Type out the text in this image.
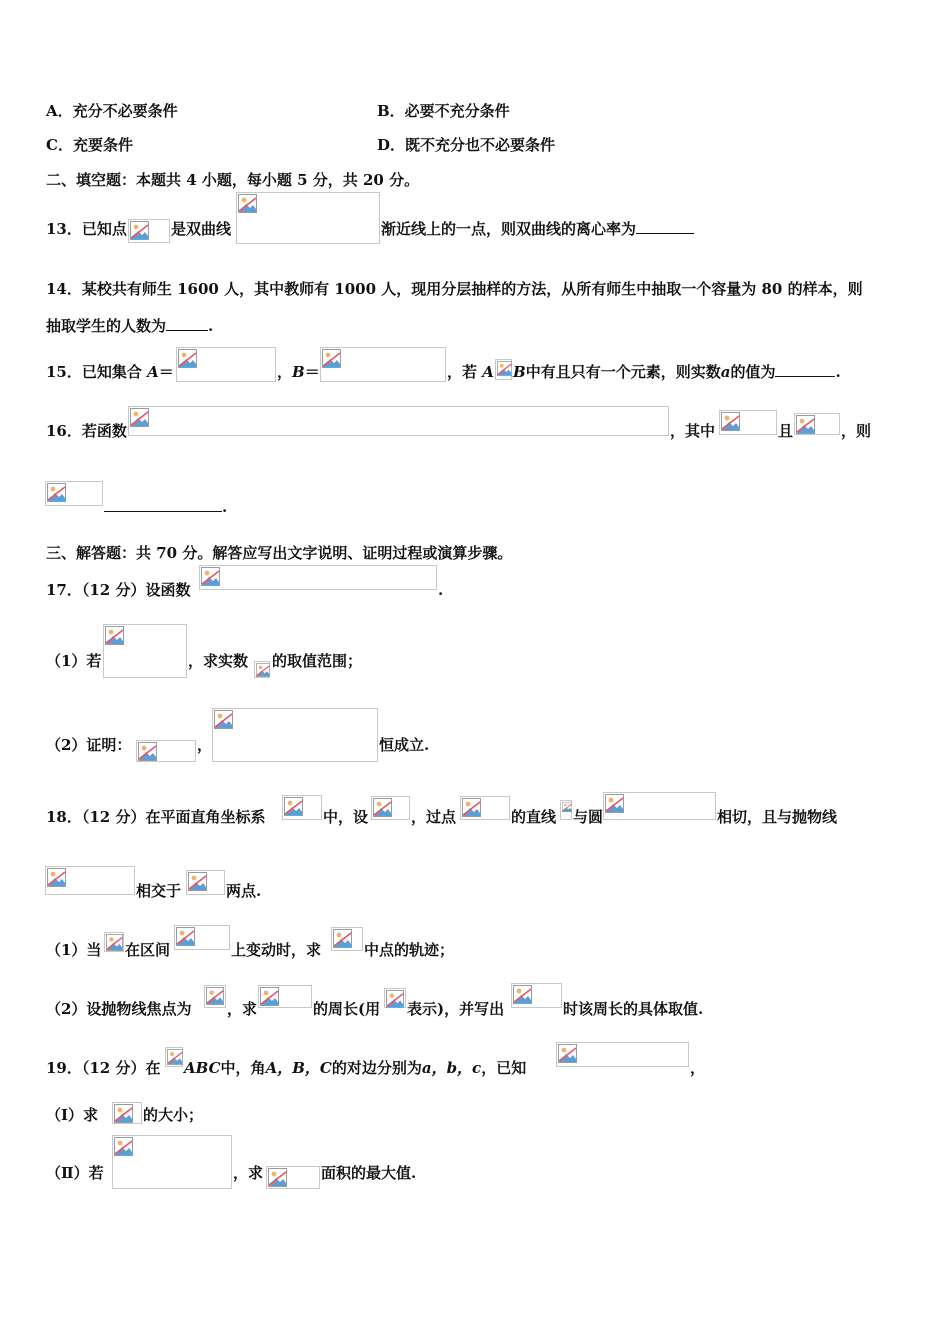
A．充分不必要条件	B．必要不充分条件
C．充要条件	D．既不充分也不必要条件
二、填空题：本题共 4 小题，每小题 5 分，共 20 分。
13．已知点	是双曲线	渐近线上的一点，则双曲线的离心率为
14．某校共有师生 1600 人，其中教师有 1000 人，现用分层抽样的方法，从所有师生中抽取一个容量为 80 的样本，则
抽取学生的人数为	.
15．已知集合 A＝	，B＝	，若 A B中有且只有一个元素，则实数a的值为	.
16．若函数	，其中	且	，则
.
三、解答题：共 70 分。解答应写出文字说明、证明过程或演算步骤。
17．（12 分）设函数	.
（1）若	，求实数 的取值范围；
（2）证明：	，	恒成立.
18．（12 分）在平面直角坐标系	中，设	，过点	的直线 与圆	相切，且与抛物线
相交于	两点.
（1）当 在区间	上变动时，求	中点的轨迹；
（2）设抛物线焦点为 ，求	的周长(用 表示)，并写出	时该周长的具体取值.
19．（12 分）在 ABC中，角A，B，C的对边分别为a，b，c，已知	，
（Ⅰ）求	的大小；
（Ⅱ）若	，求	面积的最大值.
